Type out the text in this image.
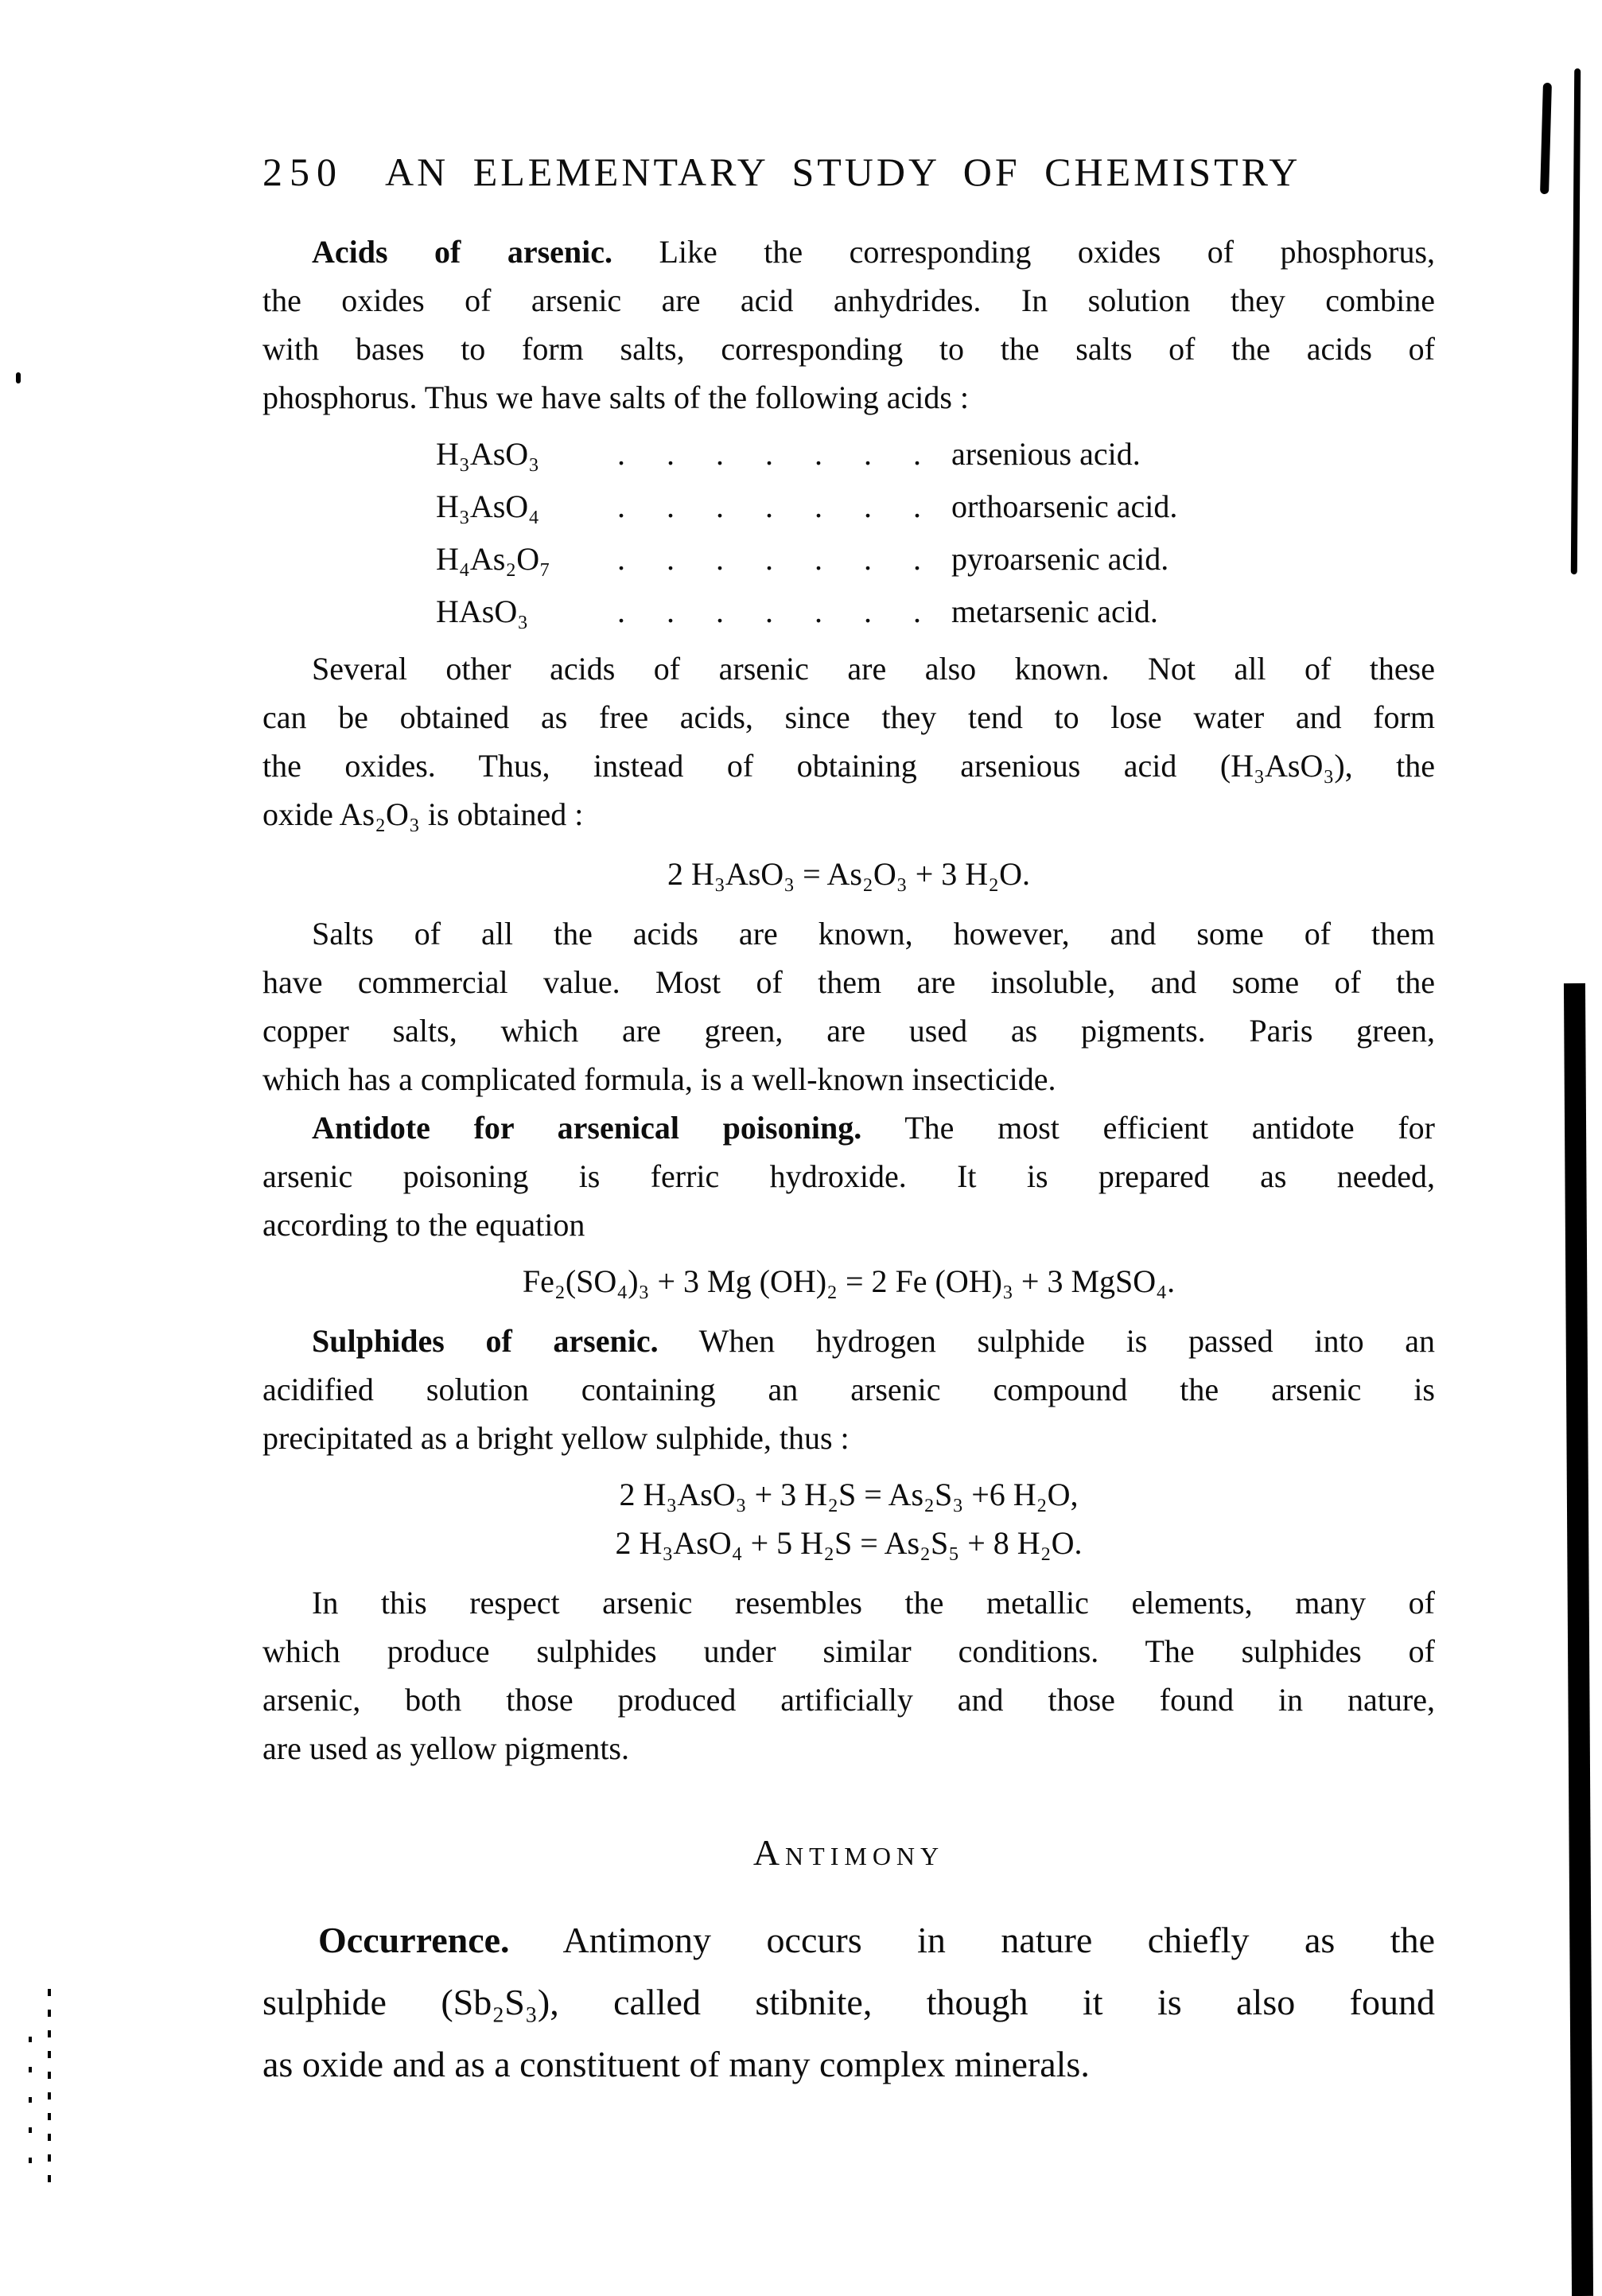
250 AN ELEMENTARY STUDY OF CHEMISTRY
Acids of arsenic. Like the corresponding oxides of phosphorus,
the oxides of arsenic are acid anhydrides. In solution they combine
with bases to form salts, corresponding to the salts of the acids of
phosphorus. Thus we have salts of the following acids :
H₃AsO₃	. . . . . . . arsenious acid.
H₃AsO₄	. . . . . . . orthoarsenic acid.
H₄As₂O₇	. . . . . . . pyroarsenic acid.
HAsO₃	. . . . . . . metarsenic acid.
Several other acids of arsenic are also known. Not all of these
can be obtained as free acids, since they tend to lose water and form
the oxides. Thus, instead of obtaining arsenious acid (H₃AsO₃), the
oxide As₂O₃ is obtained :
2 H₃AsO₃ = As₂O₃ + 3 H₂O.
Salts of all the acids are known, however, and some of them
have commercial value. Most of them are insoluble, and some of the
copper salts, which are green, are used as pigments. Paris green,
which has a complicated formula, is a well-known insecticide.
Antidote for arsenical poisoning. The most efficient antidote for
arsenic poisoning is ferric hydroxide. It is prepared as needed,
according to the equation
Fe₂(SO₄)₃ + 3 Mg (OH)₂ = 2 Fe (OH)₃ + 3 MgSO₄.
Sulphides of arsenic. When hydrogen sulphide is passed into an
acidified solution containing an arsenic compound the arsenic is
precipitated as a bright yellow sulphide, thus :
2 H₃AsO₃ + 3 H₂S = As₂S₃ +6 H₂O,
2 H₃AsO₄ + 5 H₂S = As₂S₅ + 8 H₂O.
In this respect arsenic resembles the metallic elements, many of
which produce sulphides under similar conditions. The sulphides of
arsenic, both those produced artificially and those found in nature,
are used as yellow pigments.
Antimony
Occurrence. Antimony occurs in nature chiefly as the
sulphide (Sb₂S₃), called stibnite, though it is also found
as oxide and as a constituent of many complex minerals.
